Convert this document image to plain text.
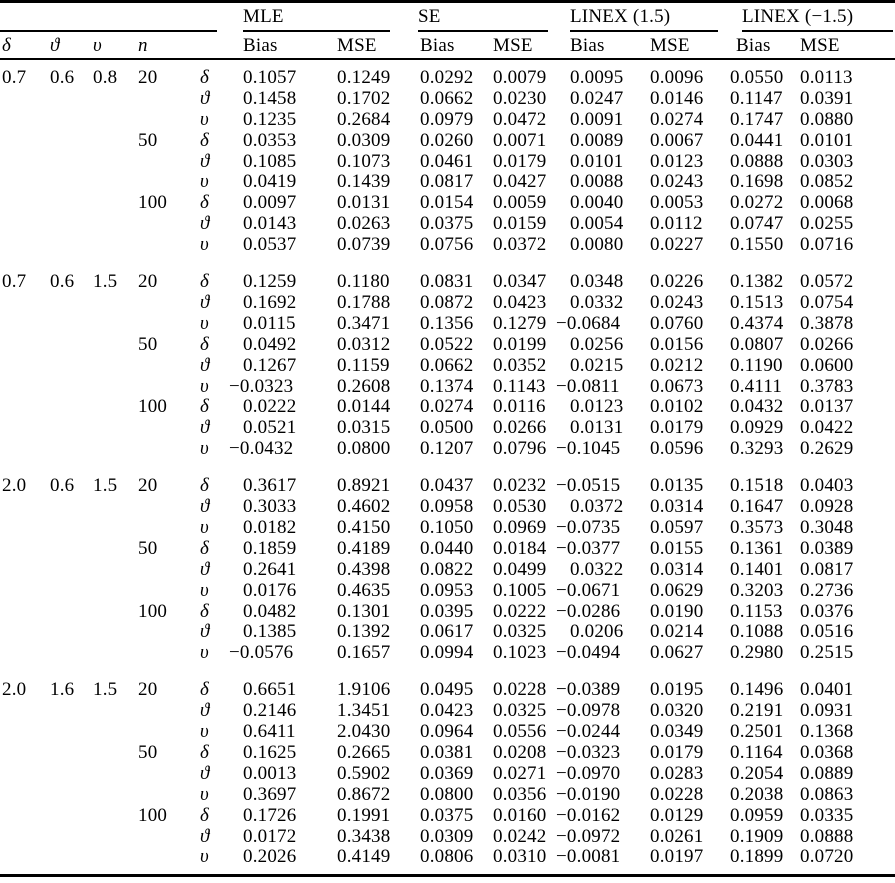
MLE	SE	LINEX (1.5)	LINEX (−1.5)
δ ϑ υ n	Bias	MSE Bias MSE Bias MSE Bias MSE
0.7 0.6 0.8 20 δ 0.1057 0.1249 0.0292 0.0079 0.0095 0.0096 0.0550 0.0113
ϑ 0.1458 0.1702 0.0662 0.0230 0.0247 0.0146 0.1147 0.0391
υ 0.1235 0.2684 0.0979 0.0472 0.0091 0.0274 0.1747 0.0880
50 δ 0.0353 0.0309 0.0260 0.0071 0.0089 0.0067 0.0441 0.0101
ϑ 0.1085 0.1073 0.0461 0.0179 0.0101 0.0123 0.0888 0.0303
υ 0.0419 0.1439 0.0817 0.0427 0.0088 0.0243 0.1698 0.0852
100 δ 0.0097 0.0131 0.0154 0.0059 0.0040 0.0053 0.0272 0.0068
ϑ 0.0143 0.0263 0.0375 0.0159 0.0054 0.0112 0.0747 0.0255
υ 0.0537 0.0739 0.0756 0.0372 0.0080 0.0227 0.1550 0.0716
0.7 0.6 1.5 20 δ 0.1259 0.1180 0.0831 0.0347 0.0348 0.0226 0.1382 0.0572
ϑ 0.1692 0.1788 0.0872 0.0423 0.0332 0.0243 0.1513 0.0754
υ 0.0115 0.3471 0.1356 0.1279 −0.0684 0.0760 0.4374 0.3878
50 δ 0.0492 0.0312 0.0522 0.0199 0.0256 0.0156 0.0807 0.0266
ϑ 0.1267 0.1159 0.0662 0.0352 0.0215 0.0212 0.1190 0.0600
υ −0.0323 0.2608 0.1374 0.1143 −0.0811 0.0673 0.4111 0.3783
100 δ 0.0222 0.0144 0.0274 0.0116 0.0123 0.0102 0.0432 0.0137
ϑ 0.0521 0.0315 0.0500 0.0266 0.0131 0.0179 0.0929 0.0422
υ −0.0432 0.0800 0.1207 0.0796 −0.1045 0.0596 0.3293 0.2629
2.0 0.6 1.5 20 δ 0.3617 0.8921 0.0437 0.0232 −0.0515 0.0135 0.1518 0.0403
ϑ 0.3033 0.4602 0.0958 0.0530 0.0372 0.0314 0.1647 0.0928
υ 0.0182 0.4150 0.1050 0.0969 −0.0735 0.0597 0.3573 0.3048
50 δ 0.1859 0.4189 0.0440 0.0184 −0.0377 0.0155 0.1361 0.0389
ϑ 0.2641 0.4398 0.0822 0.0499 0.0322 0.0314 0.1401 0.0817
υ 0.0176 0.4635 0.0953 0.1005 −0.0671 0.0629 0.3203 0.2736
100 δ 0.0482 0.1301 0.0395 0.0222 −0.0286 0.0190 0.1153 0.0376
ϑ 0.1385 0.1392 0.0617 0.0325 0.0206 0.0214 0.1088 0.0516
υ −0.0576 0.1657 0.0994 0.1023 −0.0494 0.0627 0.2980 0.2515
2.0 1.6 1.5 20 δ 0.6651 1.9106 0.0495 0.0228 −0.0389 0.0195 0.1496 0.0401
ϑ 0.2146 1.3451 0.0423 0.0325 −0.0978 0.0320 0.2191 0.0931
υ 0.6411 2.0430 0.0964 0.0556 −0.0244 0.0349 0.2501 0.1368
50 δ 0.1625 0.2665 0.0381 0.0208 −0.0323 0.0179 0.1164 0.0368
ϑ 0.0013 0.5902 0.0369 0.0271 −0.0970 0.0283 0.2054 0.0889
υ 0.3697 0.8672 0.0800 0.0356 −0.0190 0.0228 0.2038 0.0863
100 δ 0.1726 0.1991 0.0375 0.0160 −0.0162 0.0129 0.0959 0.0335
ϑ 0.0172 0.3438 0.0309 0.0242 −0.0972 0.0261 0.1909 0.0888
υ 0.2026 0.4149 0.0806 0.0310 −0.0081 0.0197 0.1899 0.0720
